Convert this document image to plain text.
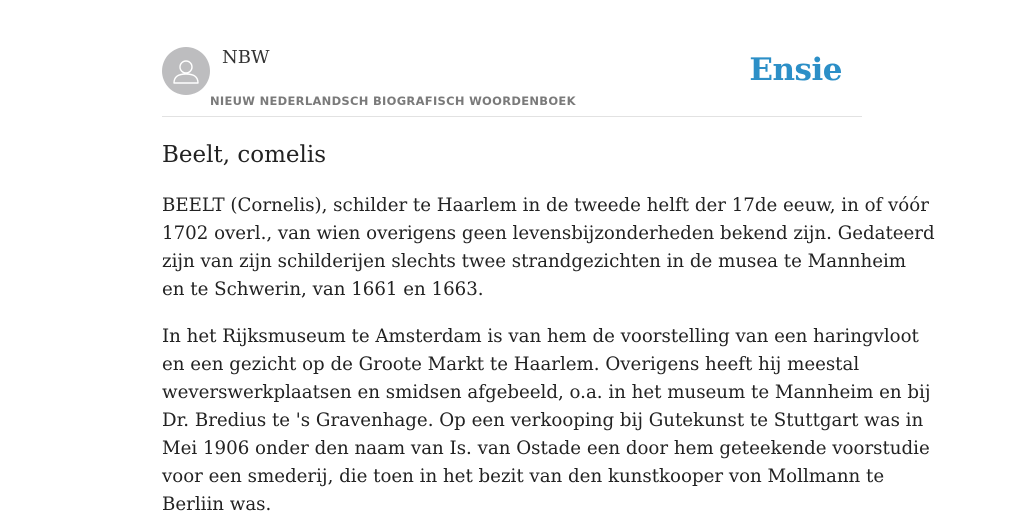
NBW
NIEUW NEDERLANDSCH BIOGRAFISCH WOORDENBOEK
Ensie
Beelt, comelis

BEELT (Cornelis), schilder te Haarlem in de tweede helft der 17de eeuw, in of vóór
1702 overl., van wien overigens geen levensbijzonderheden bekend zijn. Gedateerd
zijn van zijn schilderijen slechts twee strandgezichten in de musea te Mannheim
en te Schwerin, van 1661 en 1663.

In het Rijksmuseum te Amsterdam is van hem de voorstelling van een haringvloot
en een gezicht op de Groote Markt te Haarlem. Overigens heeft hij meestal
weverswerkplaatsen en smidsen afgebeeld, o.a. in het museum te Mannheim en bij
Dr. Bredius te 's Gravenhage. Op een verkooping bij Gutekunst te Stuttgart was in
Mei 1906 onder den naam van Is. van Ostade een door hem geteekende voorstudie
voor een smederij, die toen in het bezit van den kunstkooper von Mollmann te
Berliin was.
